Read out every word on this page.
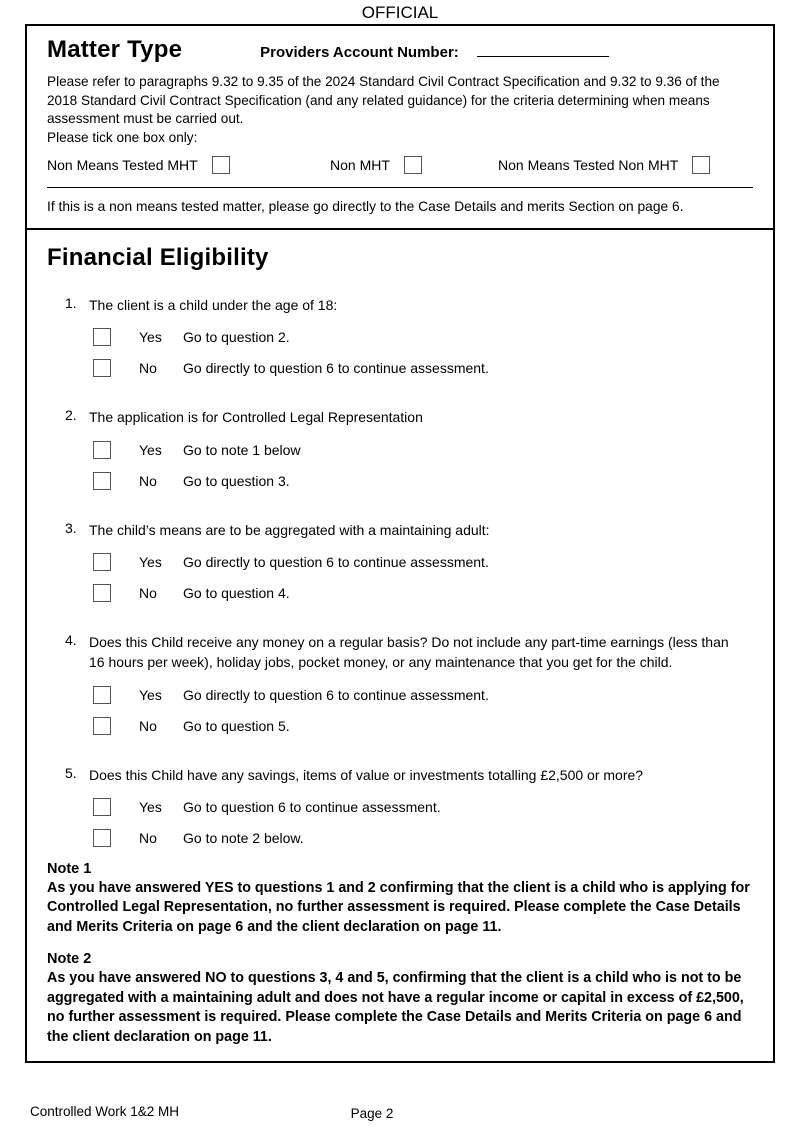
OFFICIAL
Matter Type	Providers Account Number:

Please refer to paragraphs 9.32 to 9.35 of the 2024 Standard Civil Contract Specification and 9.32 to 9.36 of the 2018 Standard Civil Contract Specification (and any related guidance) for the criteria determining when means assessment must be carried out.

Please tick one box only:

Non Means Tested MHT	Non MHT	Non Means Tested Non MHT

If this is a non means tested matter, please go directly to the Case Details and merits Section on page 6.

Financial Eligibility
1. The client is a child under the age of 18:
Yes	Go to question 2.
No	Go directly to question 6 to continue assessment.
2. The application is for Controlled Legal Representation
Yes	Go to note 1 below
No	Go to question 3.
3. The child’s means are to be aggregated with a maintaining adult:
Yes	Go directly to question 6 to continue assessment.
No	Go to question 4.
4. Does this Child receive any money on a regular basis? Do not include any part-time earnings (less than 16 hours per week), holiday jobs, pocket money, or any maintenance that you get for the child.
Yes	Go directly to question 6 to continue assessment.
No	Go to question 5.
5. Does this Child have any savings, items of value or investments totalling £2,500 or more?
Yes	Go to question 6 to continue assessment.
No	Go to note 2 below.
Note 1

As you have answered YES to questions 1 and 2 confirming that the client is a child who is applying for Controlled Legal Representation, no further assessment is required. Please complete the Case Details and Merits Criteria on page 6 and the client declaration on page 11.

Note 2

As you have answered NO to questions 3, 4 and 5, confirming that the client is a child who is not to be aggregated with a maintaining adult and does not have a regular income or capital in excess of £2,500, no further assessment is required. Please complete the Case Details and Merits Criteria on page 6 and the client declaration on page 11.

Controlled Work 1&2 MH	Page 2
